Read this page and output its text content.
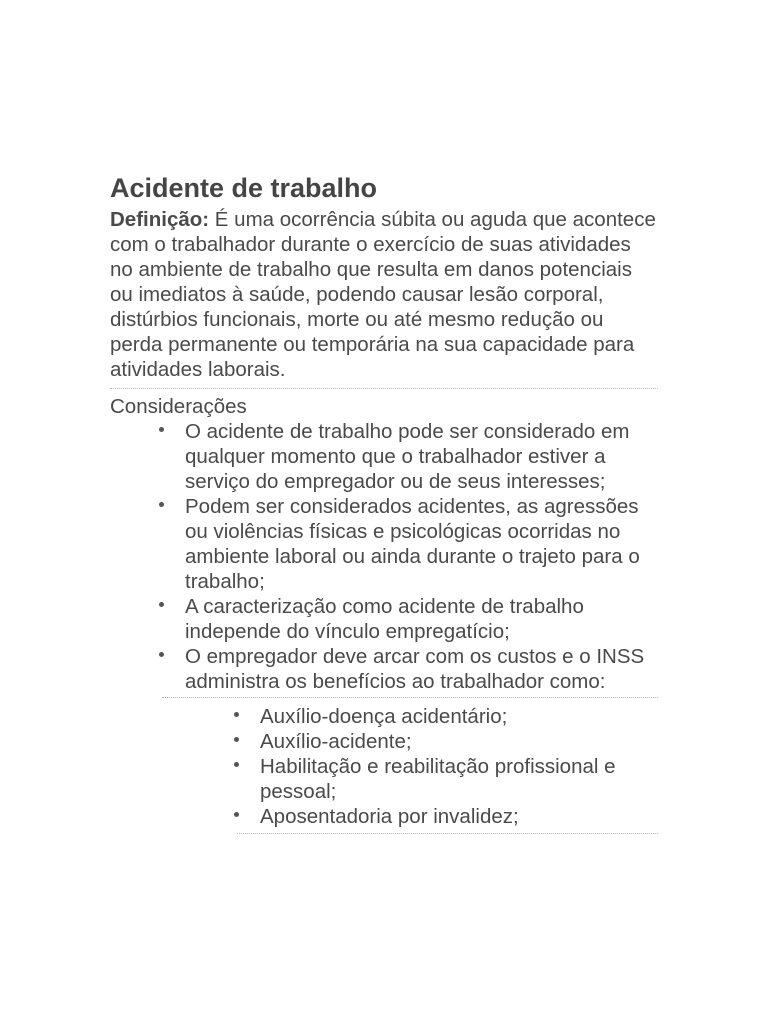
Acidente de trabalho

Definição: É uma ocorrência súbita ou aguda que acontece com o trabalhador durante o exercício de suas atividades no ambiente de trabalho que resulta em danos potenciais ou imediatos à saúde, podendo causar lesão corporal, distúrbios funcionais, morte ou até mesmo redução ou perda permanente ou temporária na sua capacidade para atividades laborais.

Considerações
O acidente de trabalho pode ser considerado em qualquer momento que o trabalhador estiver a serviço do empregador ou de seus interesses;
Podem ser considerados acidentes, as agressões ou violências físicas e psicológicas ocorridas no ambiente laboral ou ainda durante o trajeto para o trabalho;
A caracterização como acidente de trabalho independe do vínculo empregatício;
O empregador deve arcar com os custos e o INSS administra os benefícios ao trabalhador como:
Auxílio-doença acidentário;
Auxílio-acidente;
Habilitação e reabilitação profissional e pessoal;
Aposentadoria por invalidez;
